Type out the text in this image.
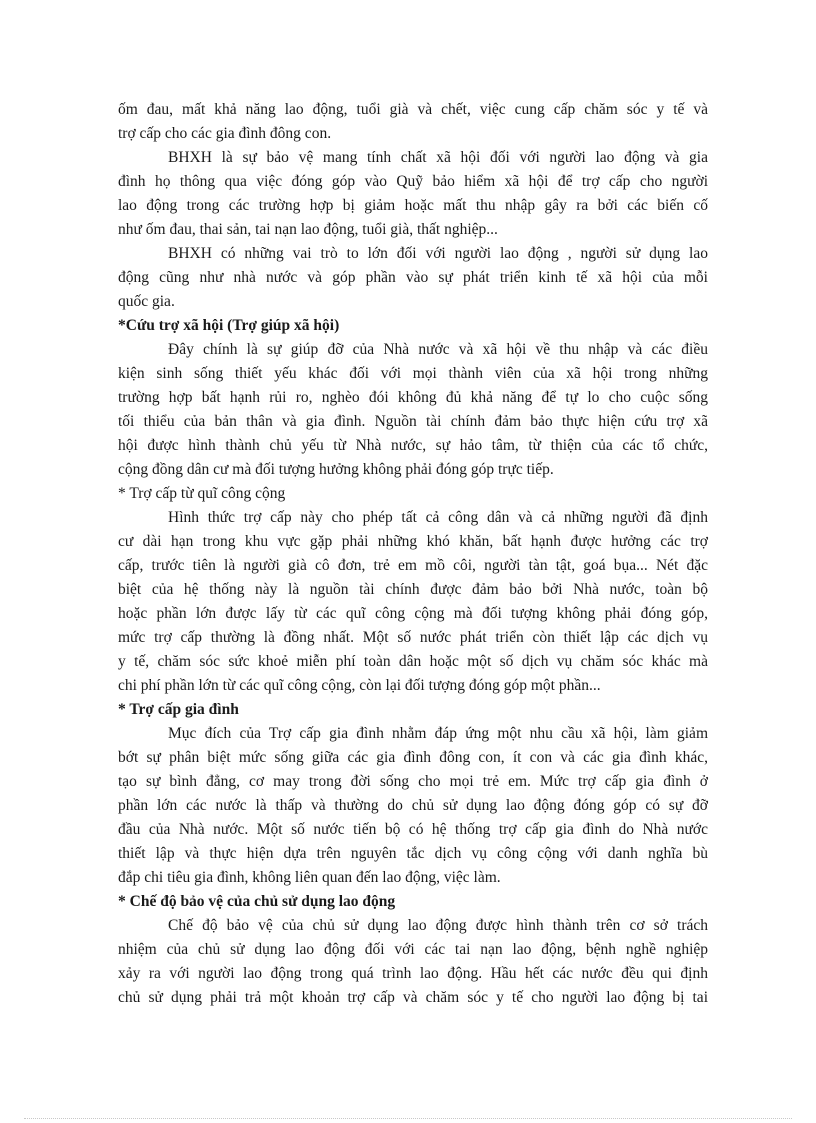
ốm đau, mất khả năng lao động, tuổi già và chết, việc cung cấp chăm sóc y tế và
trợ cấp cho các gia đình đông con.
BHXH là sự bảo vệ mang tính chất xã hội đối với người lao động và gia
đình họ thông qua việc đóng góp vào Quỹ bảo hiểm xã hội để trợ cấp cho người
lao động trong các trường hợp bị giảm hoặc mất thu nhập gây ra bởi các biến cố
như ốm đau, thai sản, tai nạn lao động, tuổi già, thất nghiệp...
BHXH có những vai trò to lớn đối với người lao động , người sử dụng lao
động cũng như nhà nước và góp phần vào sự phát triển kinh tế xã hội của mỗi
quốc gia.
*Cứu trợ xã hội (Trợ giúp xã hội)
Đây chính là sự giúp đỡ của Nhà nước và xã hội về thu nhập và các điều
kiện sinh sống thiết yếu khác đối với mọi thành viên của xã hội trong những
trường hợp bất hạnh rủi ro, nghèo đói không đủ khả năng để tự lo cho cuộc sống
tối thiểu của bản thân và gia đình. Nguồn tài chính đảm bảo thực hiện cứu trợ xã
hội được hình thành chủ yếu từ Nhà nước, sự hảo tâm, từ thiện của các tổ chức,
cộng đồng dân cư mà đối tượng hưởng không phải đóng góp trực tiếp.
* Trợ cấp từ quĩ công cộng
Hình thức trợ cấp này cho phép tất cả công dân và cả những người đã định
cư dài hạn trong khu vực gặp phải những khó khăn, bất hạnh được hưởng các trợ
cấp, trước tiên là người già cô đơn, trẻ em mồ côi, người tàn tật, goá bụa... Nét đặc
biệt của hệ thống này là nguồn tài chính được đảm bảo bởi Nhà nước, toàn bộ
hoặc phần lớn được lấy từ các quĩ công cộng mà đối tượng không phải đóng góp,
mức trợ cấp thường là đồng nhất. Một số nước phát triển còn thiết lập các dịch vụ
y tế, chăm sóc sức khoẻ miễn phí toàn dân hoặc một số dịch vụ chăm sóc khác mà
chi phí phần lớn từ các quĩ công cộng, còn lại đối tượng đóng góp một phần...
* Trợ cấp gia đình
Mục đích của Trợ cấp gia đình nhằm đáp ứng một nhu cầu xã hội, làm giảm
bớt sự phân biệt mức sống giữa các gia đình đông con, ít con và các gia đình khác,
tạo sự bình đẳng, cơ may trong đời sống cho mọi trẻ em. Mức trợ cấp gia đình ở
phần lớn các nước là thấp và thường do chủ sử dụng lao động đóng góp có sự đỡ
đầu của Nhà nước. Một số nước tiến bộ có hệ thống trợ cấp gia đình do Nhà nước
thiết lập và thực hiện dựa trên nguyên tắc dịch vụ công cộng với danh nghĩa bù
đắp chi tiêu gia đình, không liên quan đến lao động, việc làm.
* Chế độ bảo vệ của chủ sử dụng lao động
Chế độ bảo vệ của chủ sử dụng lao động được hình thành trên cơ sở trách
nhiệm của chủ sử dụng lao động đối với các tai nạn lao động, bệnh nghề nghiệp
xảy ra với người lao động trong quá trình lao động. Hầu hết các nước đều qui định
chủ sử dụng phải trả một khoản trợ cấp và chăm sóc y tế cho người lao động bị tai
